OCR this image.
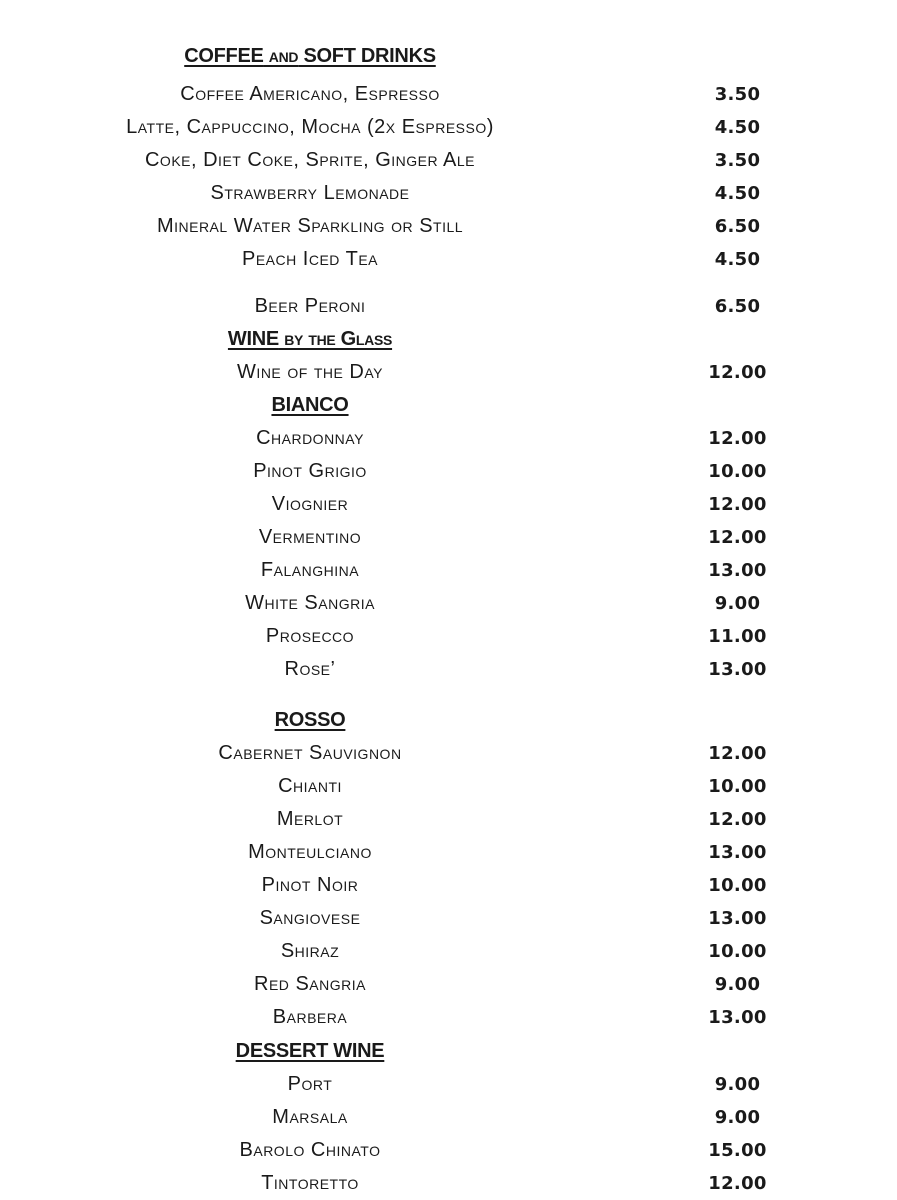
COFFEE and SOFT DRINKS
Coffee Americano, Espresso	3.50
Latte, Cappuccino, Mocha (2x Espresso)	4.50
Coke, Diet Coke, Sprite, Ginger Ale	3.50
Strawberry Lemonade	4.50
Mineral Water Sparkling or Still	6.50
Peach Iced Tea	4.50
Beer Peroni	6.50
WINE by the Glass
Wine of the Day	12.00
BIANCO
Chardonnay	12.00
Pinot Grigio	10.00
Viognier	12.00
Vermentino	12.00
Falanghina	13.00
White Sangria	9.00
Prosecco	11.00
Rose’	13.00
ROSSO
Cabernet Sauvignon	12.00
Chianti	10.00
Merlot	12.00
Monteulciano	13.00
Pinot Noir	10.00
Sangiovese	13.00
Shiraz	10.00
Red Sangria	9.00
Barbera	13.00
DESSERT WINE
Port	9.00
Marsala	9.00
Barolo Chinato	15.00
Tintoretto	12.00
